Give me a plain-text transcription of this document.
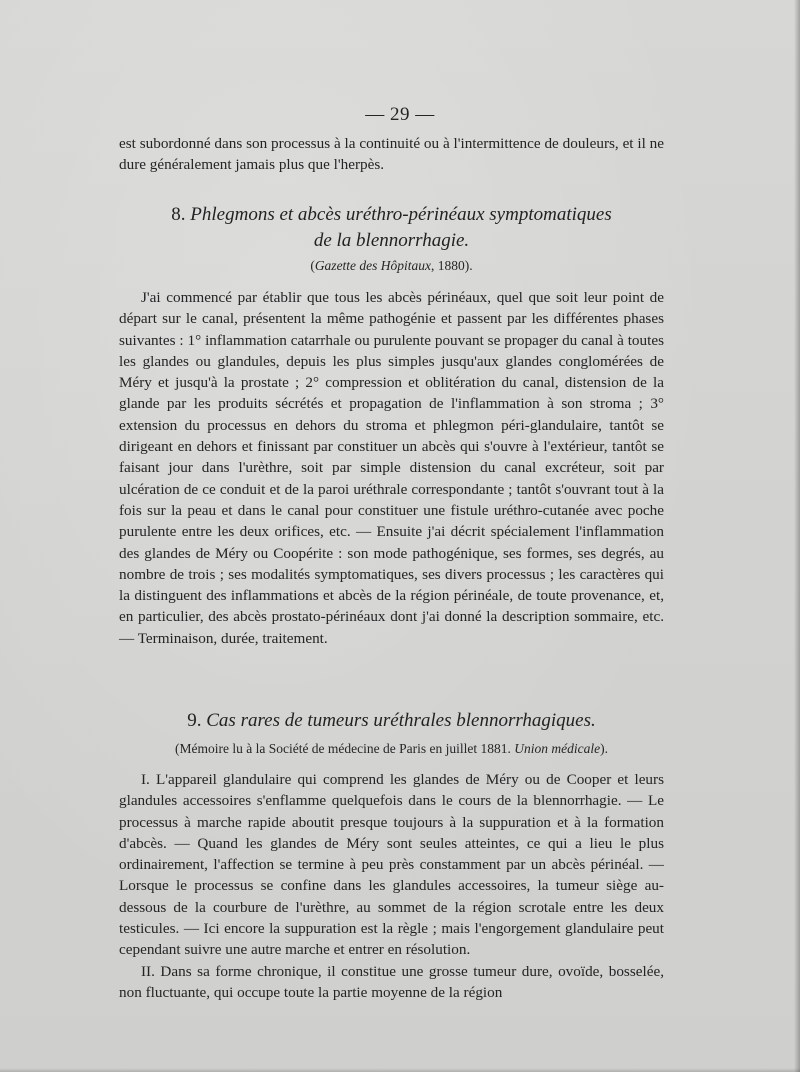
— 29 —

est subordonné dans son processus à la continuité ou à l'intermittence de douleurs, et il ne dure généralement jamais plus que l'herpès.

8. Phlegmons et abcès uréthro-périnéaux symptomatiques
de la blennorrhagie.
(Gazette des Hôpitaux, 1880).

J'ai commencé par établir que tous les abcès périnéaux, quel que soit leur point de départ sur le canal, présentent la même pathogénie et passent par les différentes phases suivantes : 1° inflammation catarrhale ou purulente pouvant se propager du canal à toutes les glandes ou glandules, depuis les plus simples jusqu'aux glandes conglomérées de Méry et jusqu'à la prostate ; 2° compression et oblitération du canal, distension de la glande par les produits sécrétés et propagation de l'inflammation à son stroma ; 3° extension du processus en dehors du stroma et phlegmon péri-glandulaire, tantôt se dirigeant en dehors et finissant par constituer un abcès qui s'ouvre à l'extérieur, tantôt se faisant jour dans l'urèthre, soit par simple distension du canal excréteur, soit par ulcération de ce conduit et de la paroi uréthrale correspondante ; tantôt s'ouvrant tout à la fois sur la peau et dans le canal pour constituer une fistule uréthro-cutanée avec poche purulente entre les deux orifices, etc. — Ensuite j'ai décrit spécialement l'inflammation des glandes de Méry ou Coopérite : son mode pathogénique, ses formes, ses degrés, au nombre de trois ; ses modalités symptomatiques, ses divers processus ; les caractères qui la distinguent des inflammations et abcès de la région périnéale, de toute provenance, et, en particulier, des abcès prostato-périnéaux dont j'ai donné la description sommaire, etc. — Terminaison, durée, traitement.

9. Cas rares de tumeurs uréthrales blennorrhagiques.
(Mémoire lu à la Société de médecine de Paris en juillet 1881. Union médicale).

I. L'appareil glandulaire qui comprend les glandes de Méry ou de Cooper et leurs glandules accessoires s'enflamme quelquefois dans le cours de la blennorrhagie. — Le processus à marche rapide aboutit presque toujours à la suppuration et à la formation d'abcès. — Quand les glandes de Méry sont seules atteintes, ce qui a lieu le plus ordinairement, l'affection se termine à peu près constamment par un abcès périnéal. — Lorsque le processus se confine dans les glandules accessoires, la tumeur siège au-dessous de la courbure de l'urèthre, au sommet de la région scrotale entre les deux testicules. — Ici encore la suppuration est la règle ; mais l'engorgement glandulaire peut cependant suivre une autre marche et entrer en résolution.

II. Dans sa forme chronique, il constitue une grosse tumeur dure, ovoïde, bosselée, non fluctuante, qui occupe toute la partie moyenne de la région
